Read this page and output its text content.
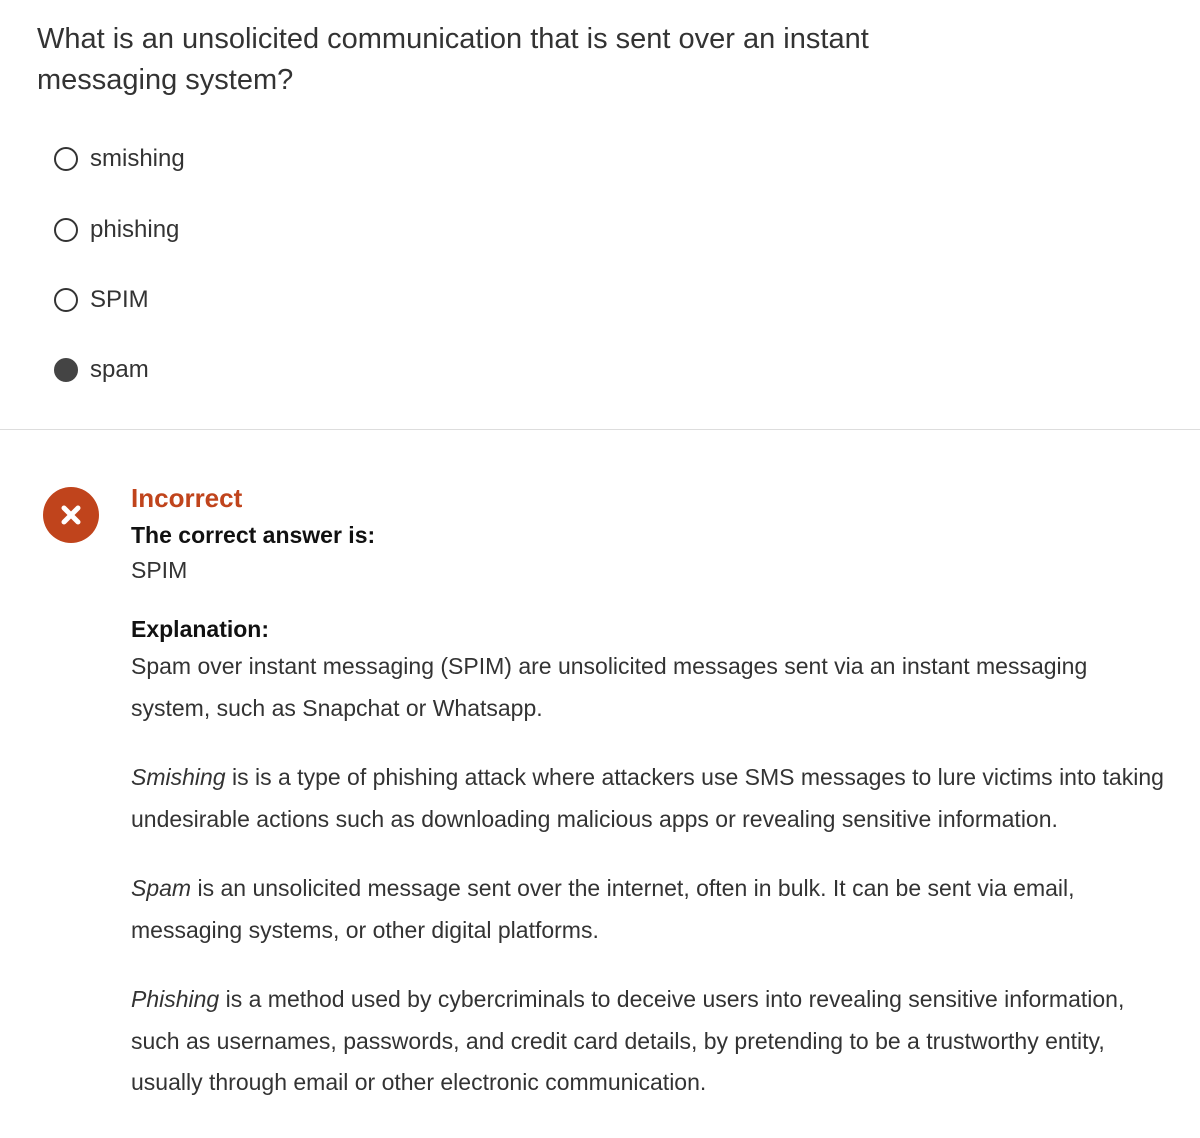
What is an unsolicited communication that is sent over an instant messaging system?
smishing
phishing
SPIM
spam
Incorrect
The correct answer is:
SPIM
Explanation:

Spam over instant messaging (SPIM) are unsolicited messages sent via an instant messaging system, such as Snapchat or Whatsapp.

Smishing is is a type of phishing attack where attackers use SMS messages to lure victims into taking undesirable actions such as downloading malicious apps or revealing sensitive information.

Spam is an unsolicited message sent over the internet, often in bulk. It can be sent via email, messaging systems, or other digital platforms.

Phishing is a method used by cybercriminals to deceive users into revealing sensitive information, such as usernames, passwords, and credit card details, by pretending to be a trustworthy entity, usually through email or other electronic communication.
